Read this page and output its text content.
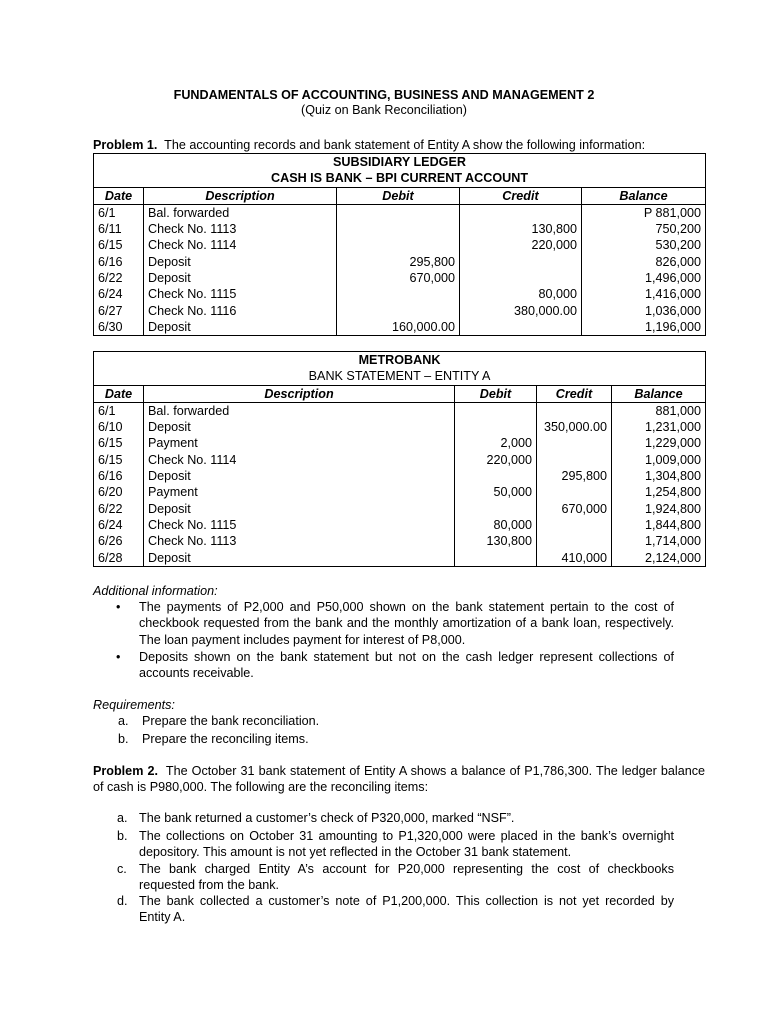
FUNDAMENTALS OF ACCOUNTING, BUSINESS AND MANAGEMENT 2
(Quiz on Bank Reconciliation)
Problem 1. The accounting records and bank statement of Entity A show the following information:
SUBSIDIARY LEDGER				
CASH IS BANK – BPI CURRENT ACCOUNT				
Date	Description	Debit	Credit	Balance
6/1	Bal. forwarded			P 881,000
6/11	Check No. 1113		130,800	750,200
6/15	Check No. 1114		220,000	530,200
6/16	Deposit	295,800		826,000
6/22	Deposit	670,000		1,496,000
6/24	Check No. 1115		80,000	1,416,000
6/27	Check No. 1116		380,000.00	1,036,000
6/30	Deposit	160,000.00		1,196,000
METROBANK				
BANK STATEMENT – ENTITY A				
Date	Description	Debit	Credit	Balance
6/1	Bal. forwarded			881,000
6/10	Deposit		350,000.00	1,231,000
6/15	Payment	2,000		1,229,000
6/15	Check No. 1114	220,000		1,009,000
6/16	Deposit		295,800	1,304,800
6/20	Payment	50,000		1,254,800
6/22	Deposit		670,000	1,924,800
6/24	Check No. 1115	80,000		1,844,800
6/26	Check No. 1113	130,800		1,714,000
6/28	Deposit		410,000	2,124,000
Additional information:
• The payments of P2,000 and P50,000 shown on the bank statement pertain to the cost of checkbook requested from the bank and the monthly amortization of a bank loan, respectively. The loan payment includes payment for interest of P8,000.
• Deposits shown on the bank statement but not on the cash ledger represent collections of accounts receivable.
Requirements:
a. Prepare the bank reconciliation.
b. Prepare the reconciling items.
Problem 2. The October 31 bank statement of Entity A shows a balance of P1,786,300. The ledger balance of cash is P980,000. The following are the reconciling items:
a. The bank returned a customer’s check of P320,000, marked “NSF”.
b. The collections on October 31 amounting to P1,320,000 were placed in the bank’s overnight depository. This amount is not yet reflected in the October 31 bank statement.
c. The bank charged Entity A’s account for P20,000 representing the cost of checkbooks requested from the bank.
d. The bank collected a customer’s note of P1,200,000. This collection is not yet recorded by Entity A.
